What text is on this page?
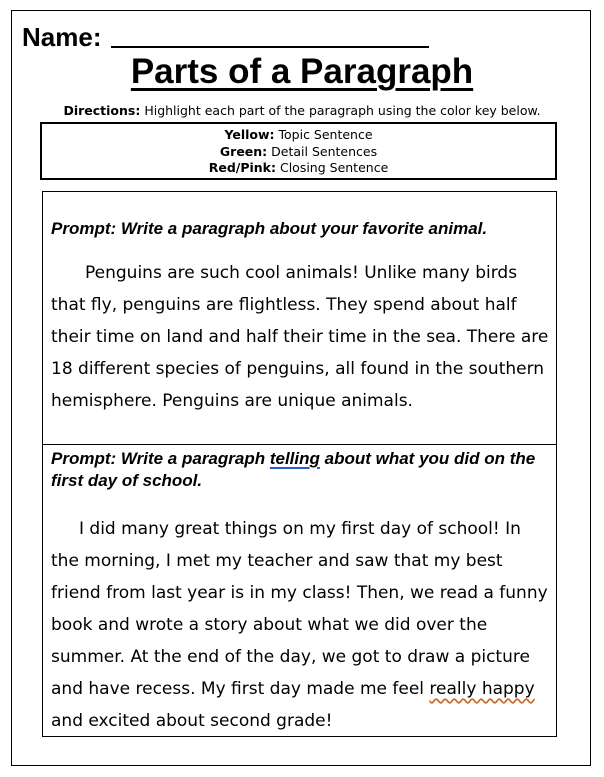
Name:
Parts of a Paragraph
Directions: Highlight each part of the paragraph using the color key below.
Yellow: Topic Sentence
Green: Detail Sentences
Red/Pink: Closing Sentence

Prompt: Write a paragraph about your favorite animal.

Penguins are such cool animals! Unlike many birds that fly, penguins are flightless. They spend about half their time on land and half their time in the sea. There are 18 different species of penguins, all found in the southern hemisphere. Penguins are unique animals.

Prompt: Write a paragraph telling about what you did on the first day of school.

I did many great things on my first day of school! In the morning, I met my teacher and saw that my best friend from last year is in my class! Then, we read a funny book and wrote a story about what we did over the summer. At the end of the day, we got to draw a picture and have recess. My first day made me feel really happy and excited about second grade!
